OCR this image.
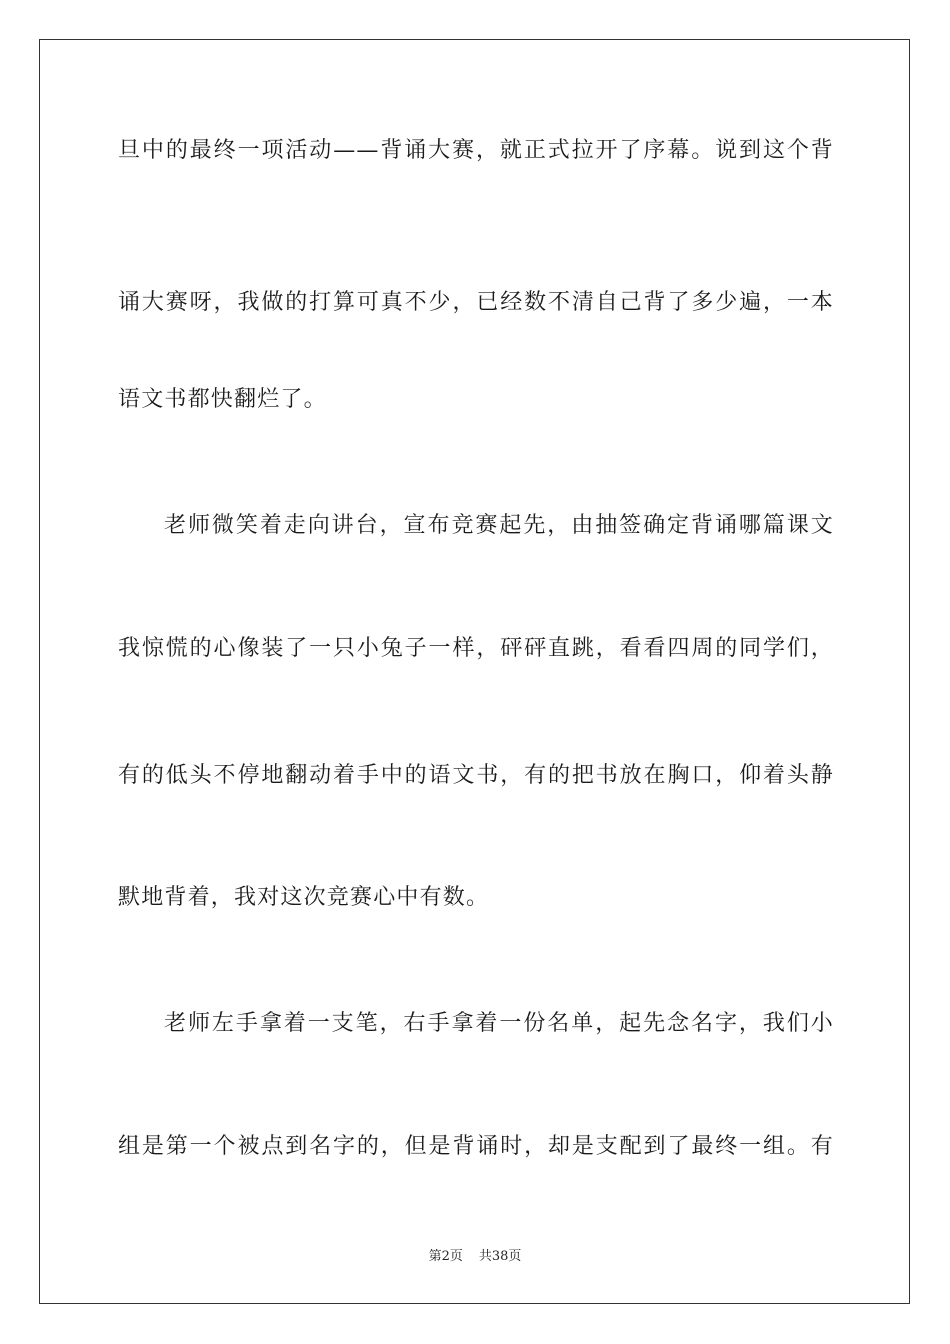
旦中的最终一项活动——背诵大赛，就正式拉开了序幕。说到这个背
诵大赛呀，我做的打算可真不少，已经数不清自己背了多少遍，一本
语文书都快翻烂了。
老师微笑着走向讲台，宣布竞赛起先，由抽签确定背诵哪篇课文
我惊慌的心像装了一只小兔子一样，砰砰直跳，看看四周的同学们，
有的低头不停地翻动着手中的语文书，有的把书放在胸口，仰着头静
默地背着，我对这次竞赛心中有数。
老师左手拿着一支笔，右手拿着一份名单，起先念名字，我们小
组是第一个被点到名字的，但是背诵时，却是支配到了最终一组。有
第2页 共38页
